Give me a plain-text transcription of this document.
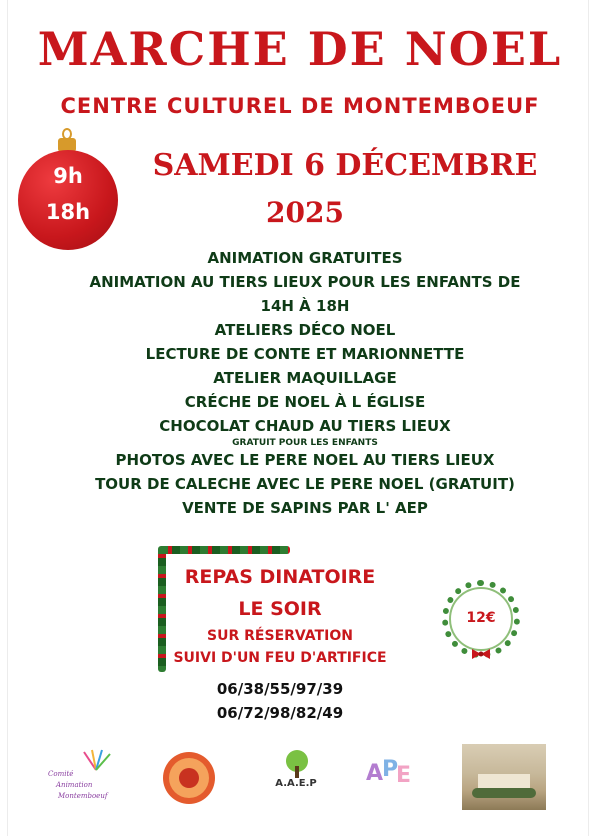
MARCHE DE NOEL
CENTRE CULTUREL DE MONTEMBOEUF
9h
18h
SAMEDI 6 DÉCEMBRE
2025
ANIMATION GRATUITES
ANIMATION AU TIERS LIEUX POUR LES ENFANTS DE
14H À 18H
ATELIERS DÉCO NOEL
LECTURE DE CONTE ET MARIONNETTE
ATELIER MAQUILLAGE
CRÉCHE DE NOEL À L ÉGLISE
CHOCOLAT CHAUD AU TIERS LIEUX
GRATUIT POUR LES ENFANTS
PHOTOS AVEC LE PERE NOEL AU TIERS LIEUX
TOUR DE CALECHE AVEC LE PERE NOEL (GRATUIT)
VENTE DE SAPINS PAR L' AEP
REPAS DINATOIRE
LE SOIR
SUR RÉSERVATION
SUIVI D'UN FEU D'ARTIFICE
12€
06/38/55/97/39
06/72/98/82/49
Comité
Animation
Montemboeuf
A.A.E.P	A
P
E
